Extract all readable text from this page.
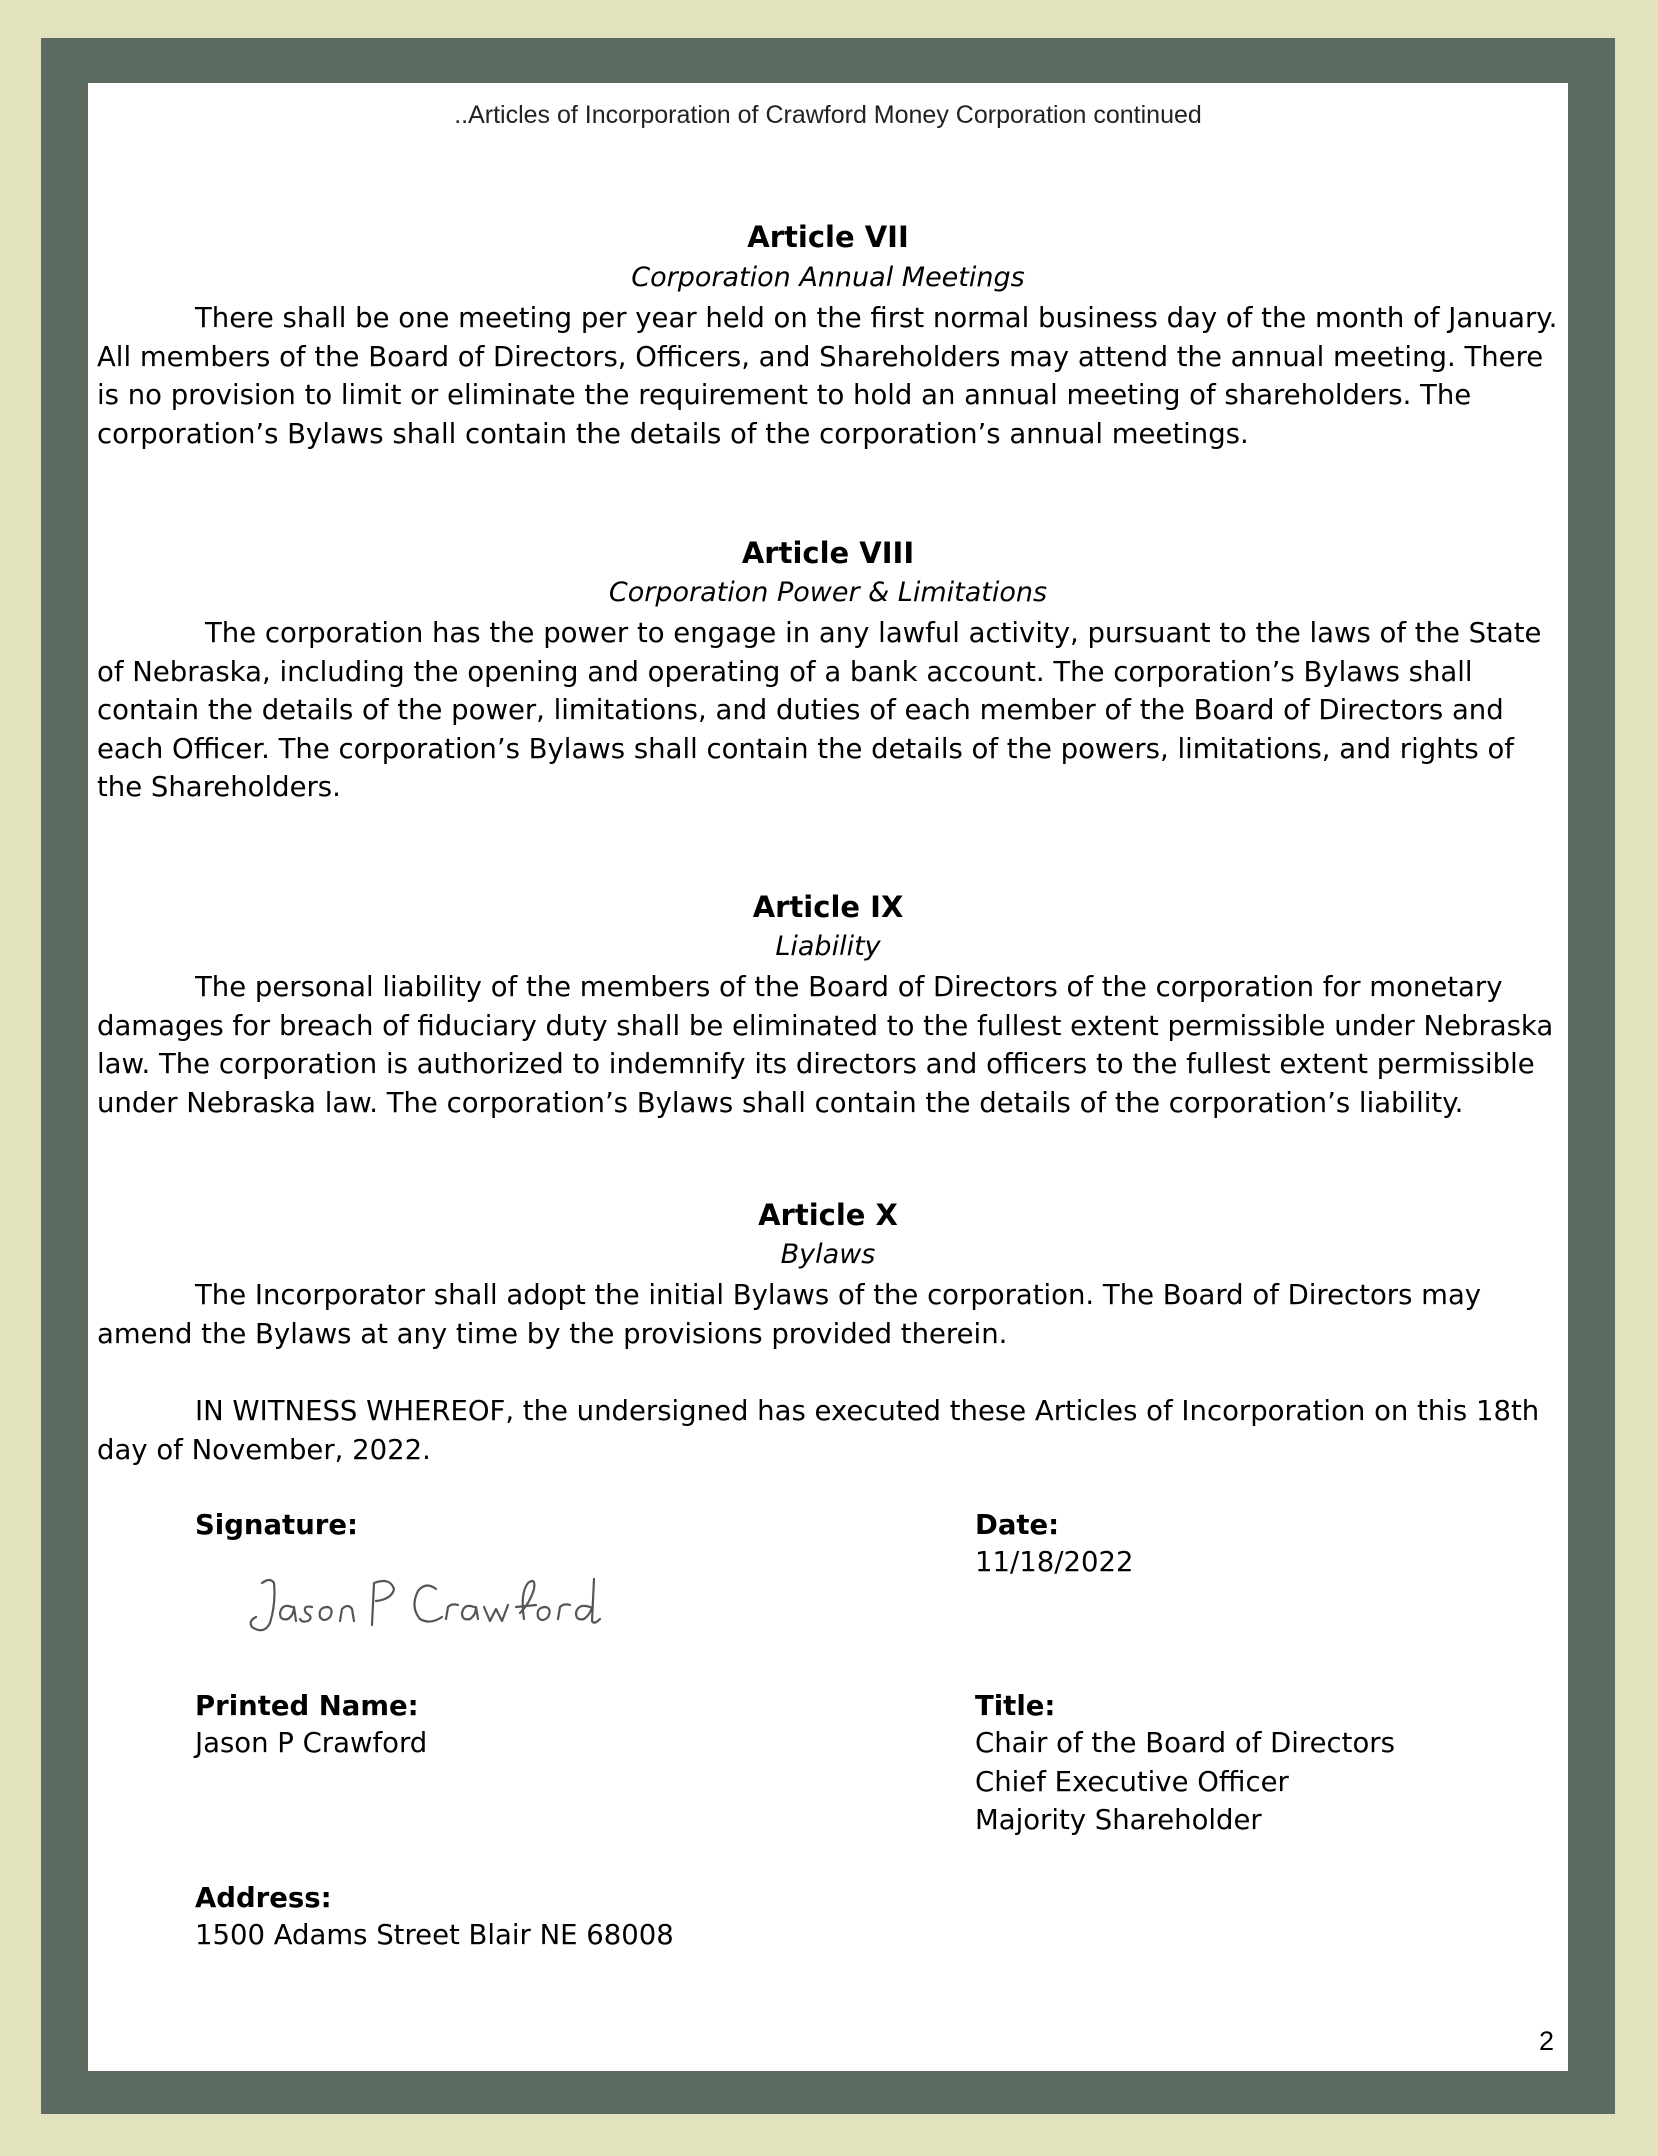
..Articles of Incorporation of Crawford Money Corporation continued
Article VII
Corporation Annual Meetings

There shall be one meeting per year held on the first normal business day of the month of January. All members of the Board of Directors, Officers, and Shareholders may attend the annual meeting. There is no provision to limit or eliminate the requirement to hold an annual meeting of shareholders. The corporation’s Bylaws shall contain the details of the corporation’s annual meetings.

Article VIII
Corporation Power & Limitations

The corporation has the power to engage in any lawful activity, pursuant to the laws of the State of Nebraska, including the opening and operating of a bank account. The corporation’s Bylaws shall contain the details of the power, limitations, and duties of each member of the Board of Directors and each Officer. The corporation’s Bylaws shall contain the details of the powers, limitations, and rights of the Shareholders.

Article IX
Liability

The personal liability of the members of the Board of Directors of the corporation for monetary damages for breach of fiduciary duty shall be eliminated to the fullest extent permissible under Nebraska law. The corporation is authorized to indemnify its directors and officers to the fullest extent permissible under Nebraska law. The corporation’s Bylaws shall contain the details of the corporation’s liability.

Article X
Bylaws

The Incorporator shall adopt the initial Bylaws of the corporation. The Board of Directors may amend the Bylaws at any time by the provisions provided therein.

IN WITNESS WHEREOF, the undersigned has executed these Articles of Incorporation on this 18th day of November, 2022.

Signature:	Date:
11/18/2022
Printed Name:
Jason P Crawford
Title:
Chair of the Board of Directors
Chief Executive Officer
Majority Shareholder
Address:
1500 Adams Street Blair NE 68008
2
